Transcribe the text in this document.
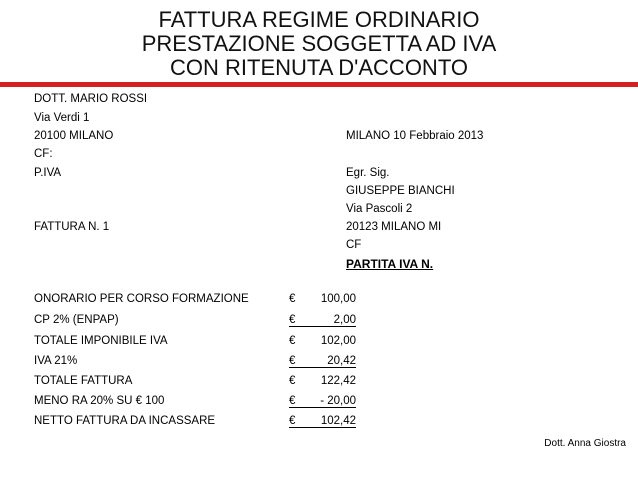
FATTURA REGIME ORDINARIO
PRESTAZIONE SOGGETTA AD IVA
CON RITENUTA D'ACCONTO
DOTT. MARIO ROSSI
Via Verdi 1
20100 MILANO
CF:
P.IVA
FATTURA N. 1
MILANO 10 Febbraio 2013
Egr. Sig.
GIUSEPPE BIANCHI
Via Pascoli 2
20123 MILANO MI
CF
PARTITA IVA N.
ONORARIO PER CORSO FORMAZIONE	€	100,00
CP 2% (ENPAP)	€	2,00
TOTALE IMPONIBILE IVA	€	102,00
IVA 21%	€	20,42
TOTALE FATTURA	€	122,42
MENO RA 20% SU € 100	€	- 20,00
NETTO FATTURA DA INCASSARE	€	102,42
Dott. Anna Giostra
